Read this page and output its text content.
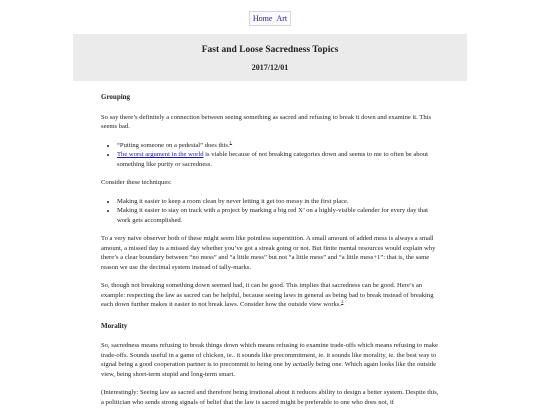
Home Art
Fast and Loose Sacredness Topics
2017/12/01
Grouping

So say there’s definitely a connection between seeing something as sacred and refusing to break it down and examine it. This seems bad.

• “Putting someone on a pedestal” does this.$^1$
• The worst argument in the world is viable because of not breaking categories down and seems to me to often be about something like purity or sacredness.

Consider these techniques:

• Making it easier to keep a room clean by never letting it get too messy in the first place.
• Making it easier to stay on track with a project by marking a big red X’ on a highly-visible calender for every day that work gets accomplished.

To a very naive observer both of these might seem like pointless superstition. A small amount of added mess is always a small amount, a missed day is a missed day whether you’ve got a streak going or not. But finite mental resources would explain why there’s a clear boundary between “no mess” and “a little mess” but not “a little mess” and “a little mess+1”: that is, the same reason we use the decimal system instead of tally-marks.

So, though not breaking something down seemed bad, it can be good. This implies that sacredness can be good. Here’s an example: respecting the law as sacred can be helpful, because seeing laws in general as being bad to break instead of breaking each down further makes it easier to not break laws. Consider how the outside view works.$^2$

Morality

So, sacredness means refusing to break things down which means refusing to examine trade-offs which means refusing to make trade-offs. Sounds useful in a game of chicken, ie.. it sounds like precommitment, ie. it sounds like morality, ie. the best way to signal being a good cooperation partner is to precommit to being one by actually being one. Which again looks like the outside view, being short-term stupid and long-term smart.

(Interestingly: Seeing law as sacred and therefore being irrational about it reduces ability to design a better system. Despite this, a politician who sends strong signals of belief that the law is sacred might be preferable to one who does not, if
